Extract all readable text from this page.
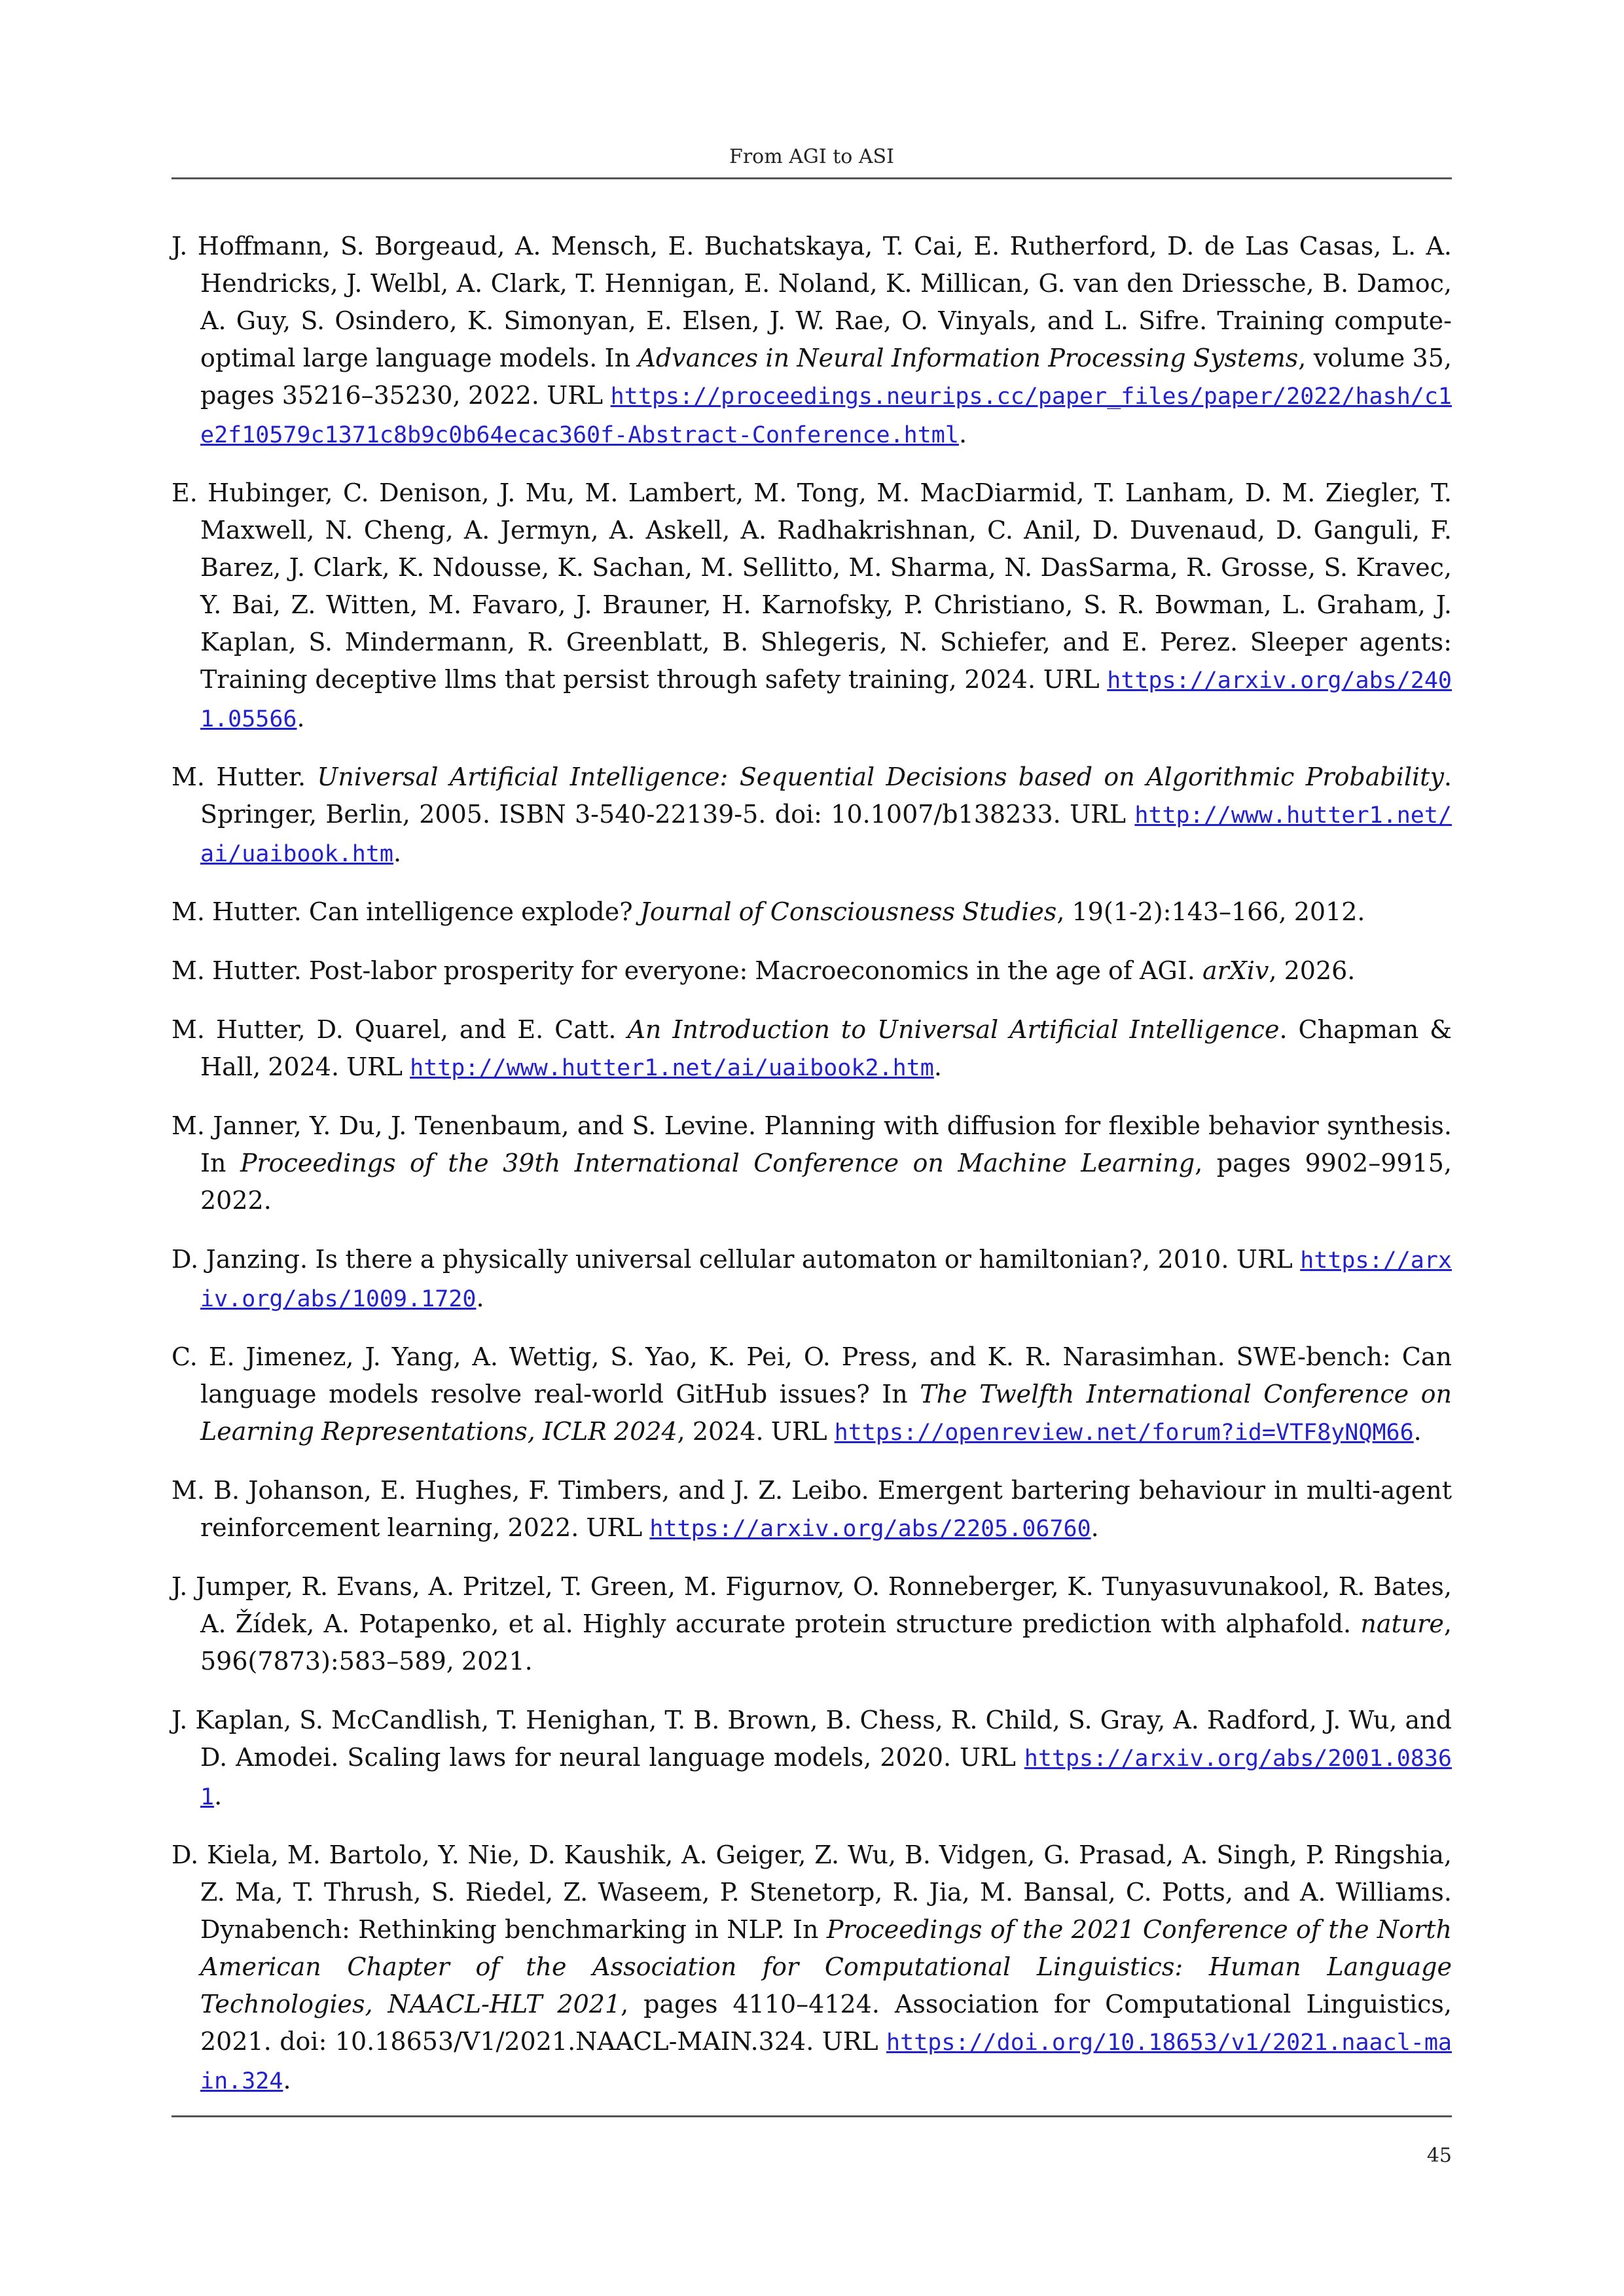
From AGI to ASI
J. Hoffmann, S. Borgeaud, A. Mensch, E. Buchatskaya, T. Cai, E. Rutherford, D. de Las Casas, L. A. Hendricks, J. Welbl, A. Clark, T. Hennigan, E. Noland, K. Millican, G. van den Driessche, B. Damoc, A. Guy, S. Osindero, K. Simonyan, E. Elsen, J. W. Rae, O. Vinyals, and L. Sifre. Training compute-optimal large language models. In Advances in Neural Information Processing Systems, volume 35, pages 35216–35230, 2022. URL https://proceedings.neurips.cc/paper_files/paper/2022/hash/c1e2f10579c1371c8b9c0b64ecac360f-Abstract-Conference.html.
E. Hubinger, C. Denison, J. Mu, M. Lambert, M. Tong, M. MacDiarmid, T. Lanham, D. M. Ziegler, T. Maxwell, N. Cheng, A. Jermyn, A. Askell, A. Radhakrishnan, C. Anil, D. Duvenaud, D. Ganguli, F. Barez, J. Clark, K. Ndousse, K. Sachan, M. Sellitto, M. Sharma, N. DasSarma, R. Grosse, S. Kravec, Y. Bai, Z. Witten, M. Favaro, J. Brauner, H. Karnofsky, P. Christiano, S. R. Bowman, L. Graham, J. Kaplan, S. Mindermann, R. Greenblatt, B. Shlegeris, N. Schiefer, and E. Perez. Sleeper agents: Training deceptive llms that persist through safety training, 2024. URL https://arxiv.org/abs/2401.05566.
M. Hutter. Universal Artificial Intelligence: Sequential Decisions based on Algorithmic Probability. Springer, Berlin, 2005. ISBN 3-540-22139-5. doi: 10.1007/b138233. URL http://www.hutter1.net/ai/uaibook.htm.
M. Hutter. Can intelligence explode? Journal of Consciousness Studies, 19(1-2):143–166, 2012.
M. Hutter. Post-labor prosperity for everyone: Macroeconomics in the age of AGI. arXiv, 2026.
M. Hutter, D. Quarel, and E. Catt. An Introduction to Universal Artificial Intelligence. Chapman & Hall, 2024. URL http://www.hutter1.net/ai/uaibook2.htm.
M. Janner, Y. Du, J. Tenenbaum, and S. Levine. Planning with diffusion for flexible behavior synthesis. In Proceedings of the 39th International Conference on Machine Learning, pages 9902–9915, 2022.
D. Janzing. Is there a physically universal cellular automaton or hamiltonian?, 2010. URL https://arxiv.org/abs/1009.1720.
C. E. Jimenez, J. Yang, A. Wettig, S. Yao, K. Pei, O. Press, and K. R. Narasimhan. SWE-bench: Can language models resolve real-world GitHub issues? In The Twelfth International Conference on Learning Representations, ICLR 2024, 2024. URL https://openreview.net/forum?id=VTF8yNQM66.
M. B. Johanson, E. Hughes, F. Timbers, and J. Z. Leibo. Emergent bartering behaviour in multi-agent reinforcement learning, 2022. URL https://arxiv.org/abs/2205.06760.
J. Jumper, R. Evans, A. Pritzel, T. Green, M. Figurnov, O. Ronneberger, K. Tunyasuvunakool, R. Bates, A. Žídek, A. Potapenko, et al. Highly accurate protein structure prediction with alphafold. nature, 596(7873):583–589, 2021.
J. Kaplan, S. McCandlish, T. Henighan, T. B. Brown, B. Chess, R. Child, S. Gray, A. Radford, J. Wu, and D. Amodei. Scaling laws for neural language models, 2020. URL https://arxiv.org/abs/2001.08361.
D. Kiela, M. Bartolo, Y. Nie, D. Kaushik, A. Geiger, Z. Wu, B. Vidgen, G. Prasad, A. Singh, P. Ringshia, Z. Ma, T. Thrush, S. Riedel, Z. Waseem, P. Stenetorp, R. Jia, M. Bansal, C. Potts, and A. Williams. Dynabench: Rethinking benchmarking in NLP. In Proceedings of the 2021 Conference of the North American Chapter of the Association for Computational Linguistics: Human Language Technologies, NAACL-HLT 2021, pages 4110–4124. Association for Computational Linguistics, 2021. doi: 10.18653/V1/2021.NAACL-MAIN.324. URL https://doi.org/10.18653/v1/2021.naacl-main.324.
45
